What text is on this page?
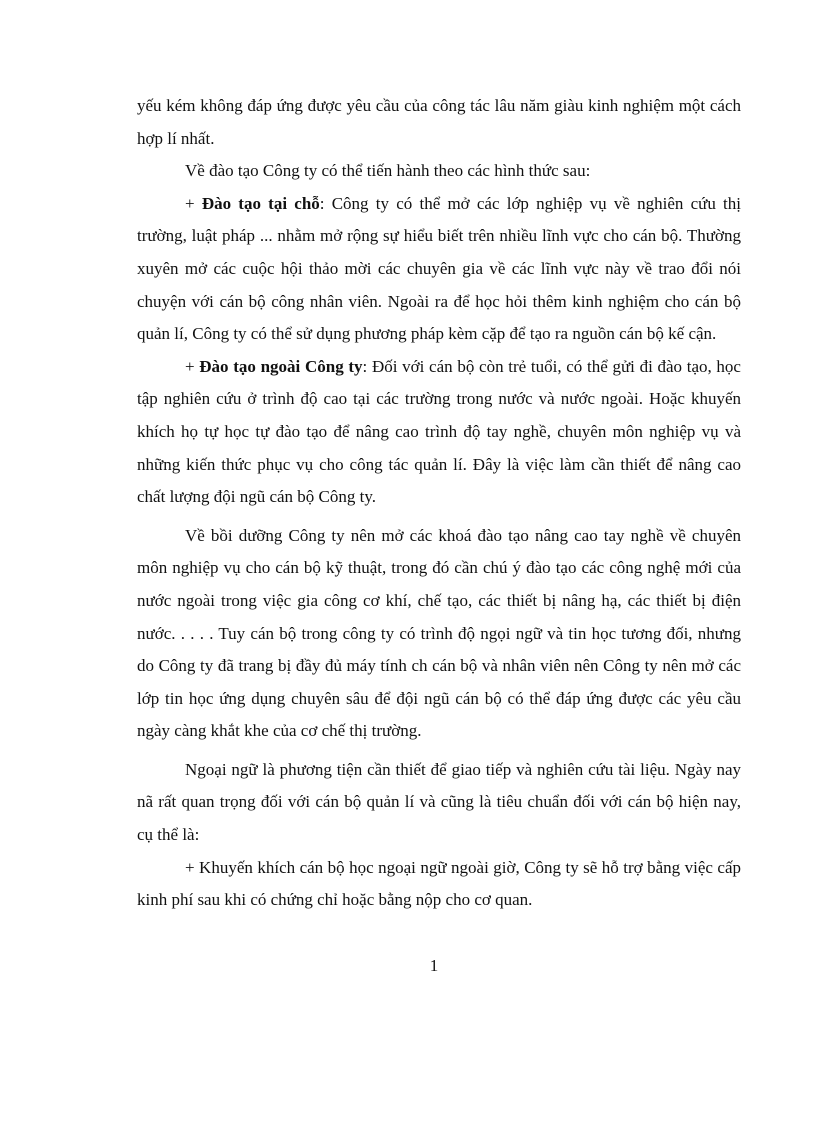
yếu kém không đáp ứng được yêu cầu của công tác lâu năm giàu kinh nghiệm một cách hợp lí nhất.

Về đào tạo Công ty có thể tiến hành theo các hình thức sau:

+ Đào tạo tại chỗ: Công ty có thể mở các lớp nghiệp vụ về nghiên cứu thị trường, luật pháp ... nhằm mở rộng sự hiểu biết trên nhiều lĩnh vực cho cán bộ. Thường xuyên mở các cuộc hội thảo mời các chuyên gia về các lĩnh vực này về trao đổi nói chuyện với cán bộ công nhân viên. Ngoài ra để học hỏi thêm kinh nghiệm cho cán bộ quản lí, Công ty có thể sử dụng phương pháp kèm cặp để tạo ra nguồn cán bộ kế cận.

+ Đào tạo ngoài Công ty: Đối với cán bộ còn trẻ tuổi, có thể gửi đi đào tạo, học tập nghiên cứu ở trình độ cao tại các trường trong nước và nước ngoài. Hoặc khuyến khích họ tự học tự đào tạo để nâng cao trình độ tay nghề, chuyên môn nghiệp vụ và những kiến thức phục vụ cho công tác quản lí. Đây là việc làm cần thiết để nâng cao chất lượng đội ngũ cán bộ Công ty.

Về bồi dưỡng Công ty nên mở các khoá đào tạo nâng cao tay nghề về chuyên môn nghiệp vụ cho cán bộ kỹ thuật, trong đó cần chú ý đào tạo các công nghệ mới của nước ngoài trong việc gia công cơ khí, chế tạo, các thiết bị nâng hạ, các thiết bị điện nước. . . . . Tuy cán bộ trong công ty có trình độ ngọi ngữ và tin học tương đối, nhưng do Công ty đã trang bị đầy đủ máy tính ch cán bộ và nhân viên nên Công ty nên mở các lớp tin học ứng dụng chuyên sâu để đội ngũ cán bộ có thể đáp ứng được các yêu cầu ngày càng khắt khe của cơ chế thị trường.

Ngoại ngữ là phương tiện cần thiết để giao tiếp và nghiên cứu tài liệu. Ngày nay nã rất quan trọng đối với cán bộ quản lí và cũng là tiêu chuẩn đối với cán bộ hiện nay, cụ thể là:

+ Khuyến khích cán bộ học ngoại ngữ ngoài giờ, Công ty sẽ hỗ trợ bằng việc cấp kinh phí sau khi có chứng chỉ hoặc bằng nộp cho cơ quan.

1
